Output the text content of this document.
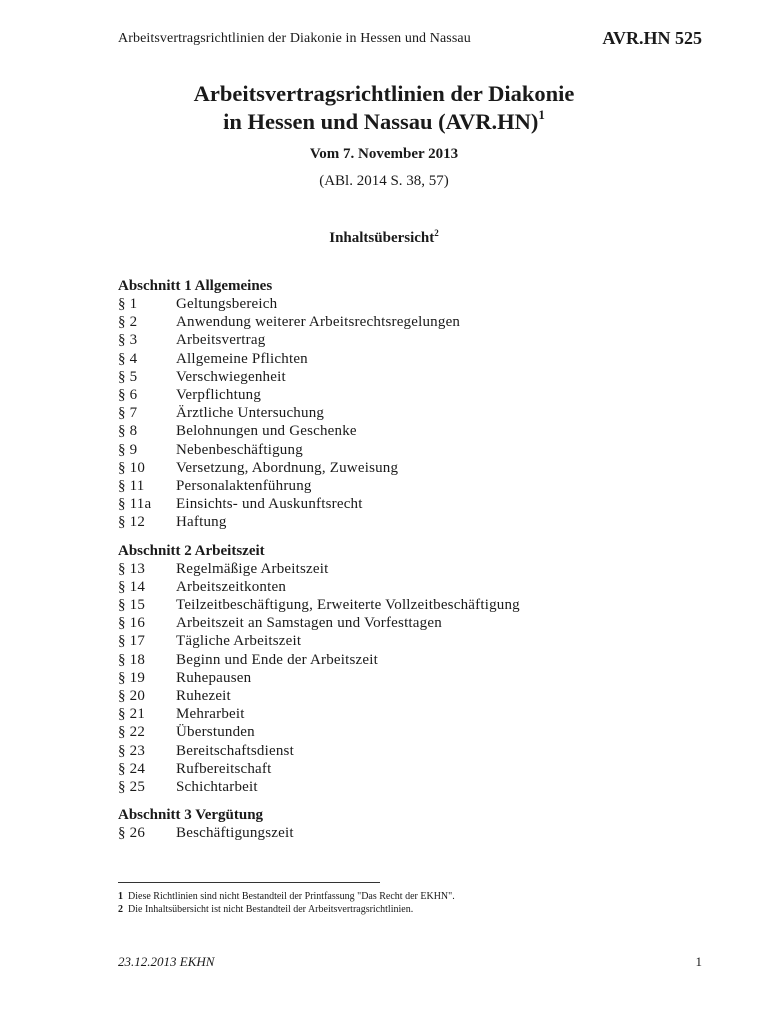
Arbeitsvertragsrichtlinien der Diakonie in Hessen und Nassau	AVR.HN 525
Arbeitsvertragsrichtlinien der Diakonie
in Hessen und Nassau $(AVR.HN)^1$
Vom 7. November 2013
(ABl. 2014 S. 38, 57)
Inhaltsübersicht$^2$
Abschnitt 1 Allgemeines
§ 1	Geltungsbereich
§ 2	Anwendung weiterer Arbeitsrechtsregelungen
§ 3	Arbeitsvertrag
§ 4	Allgemeine Pflichten
§ 5	Verschwiegenheit
§ 6	Verpflichtung
§ 7	Ärztliche Untersuchung
§ 8	Belohnungen und Geschenke
§ 9	Nebenbeschäftigung
§ 10	Versetzung, Abordnung, Zuweisung
§ 11	Personalaktenführung
§ 11a	Einsichts- und Auskunftsrecht
§ 12	Haftung
Abschnitt 2 Arbeitszeit
§ 13	Regelmäßige Arbeitszeit
§ 14	Arbeitszeitkonten
§ 15	Teilzeitbeschäftigung, Erweiterte Vollzeitbeschäftigung
§ 16	Arbeitszeit an Samstagen und Vorfesttagen
§ 17	Tägliche Arbeitszeit
§ 18	Beginn und Ende der Arbeitszeit
§ 19	Ruhepausen
§ 20	Ruhezeit
§ 21	Mehrarbeit
§ 22	Überstunden
§ 23	Bereitschaftsdienst
§ 24	Rufbereitschaft
§ 25	Schichtarbeit
Abschnitt 3 Vergütung
§ 26	Beschäftigungszeit
1 Diese Richtlinien sind nicht Bestandteil der Printfassung "Das Recht der EKHN".
2 Die Inhaltsübersicht ist nicht Bestandteil der Arbeitsvertragsrichtlinien.
23.12.2013 EKHN	1
